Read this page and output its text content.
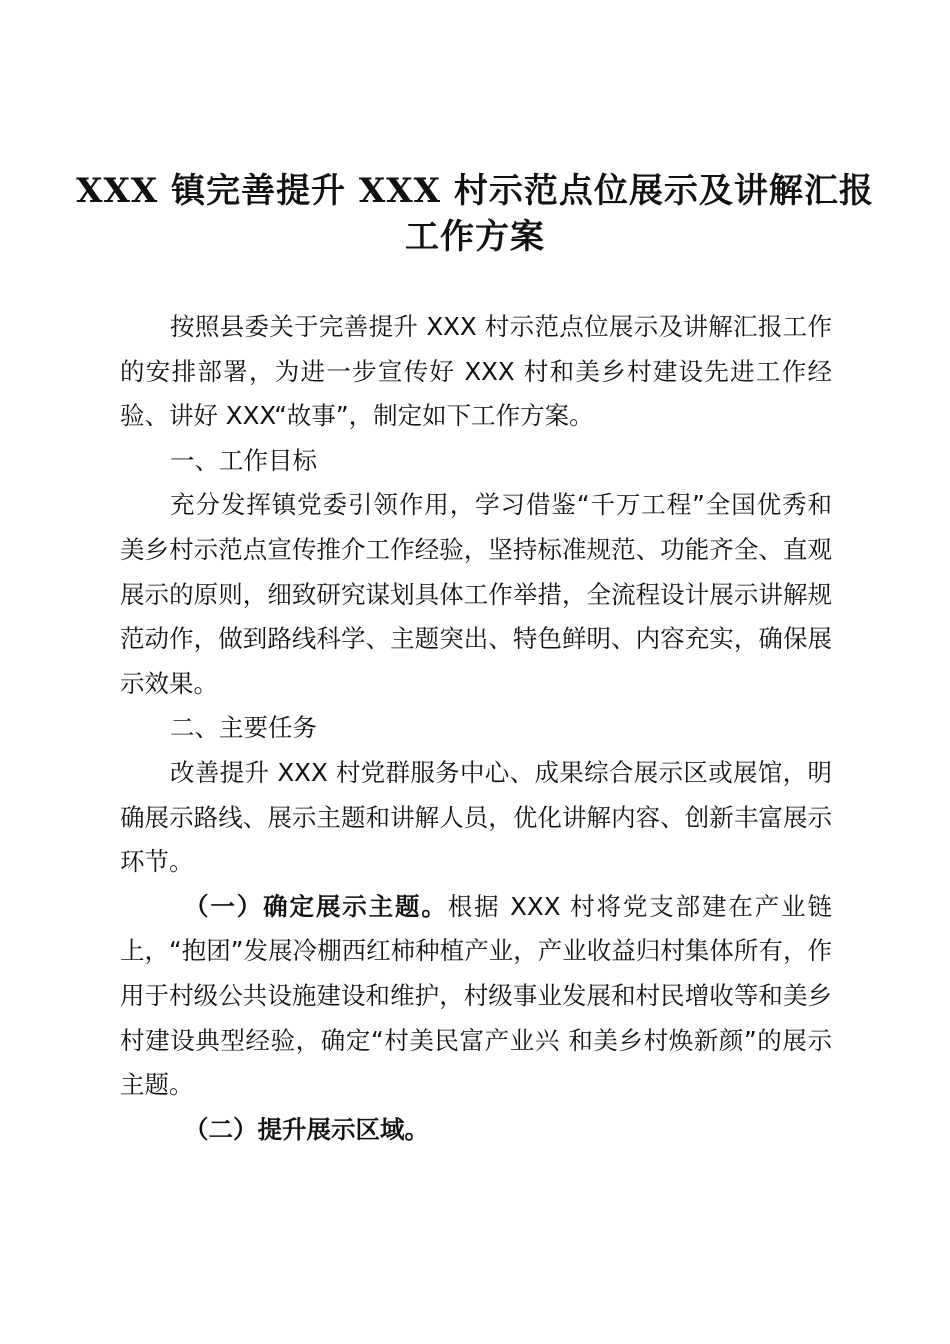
XXX 镇完善提升 XXX 村示范点位展示及讲解汇报
工作方案

按照县委关于完善提升 XXX 村示范点位展示及讲解汇报工作的安排部署，为进一步宣传好 XXX 村和美乡村建设先进工作经验、讲好 XXX“故事”，制定如下工作方案。

一、工作目标

充分发挥镇党委引领作用，学习借鉴“千万工程”全国优秀和美乡村示范点宣传推介工作经验，坚持标准规范、功能齐全、直观展示的原则，细致研究谋划具体工作举措，全流程设计展示讲解规范动作，做到路线科学、主题突出、特色鲜明、内容充实，确保展示效果。

二、主要任务

改善提升 XXX 村党群服务中心、成果综合展示区或展馆，明确展示路线、展示主题和讲解人员，优化讲解内容、创新丰富展示环节。

（一）确定展示主题。根据 XXX 村将党支部建在产业链上，“抱团”发展冷棚西红柿种植产业，产业收益归村集体所有，作用于村级公共设施建设和维护，村级事业发展和村民增收等和美乡村建设典型经验，确定“村美民富产业兴 和美乡村焕新颜”的展示主题。

（二）提升展示区域。
